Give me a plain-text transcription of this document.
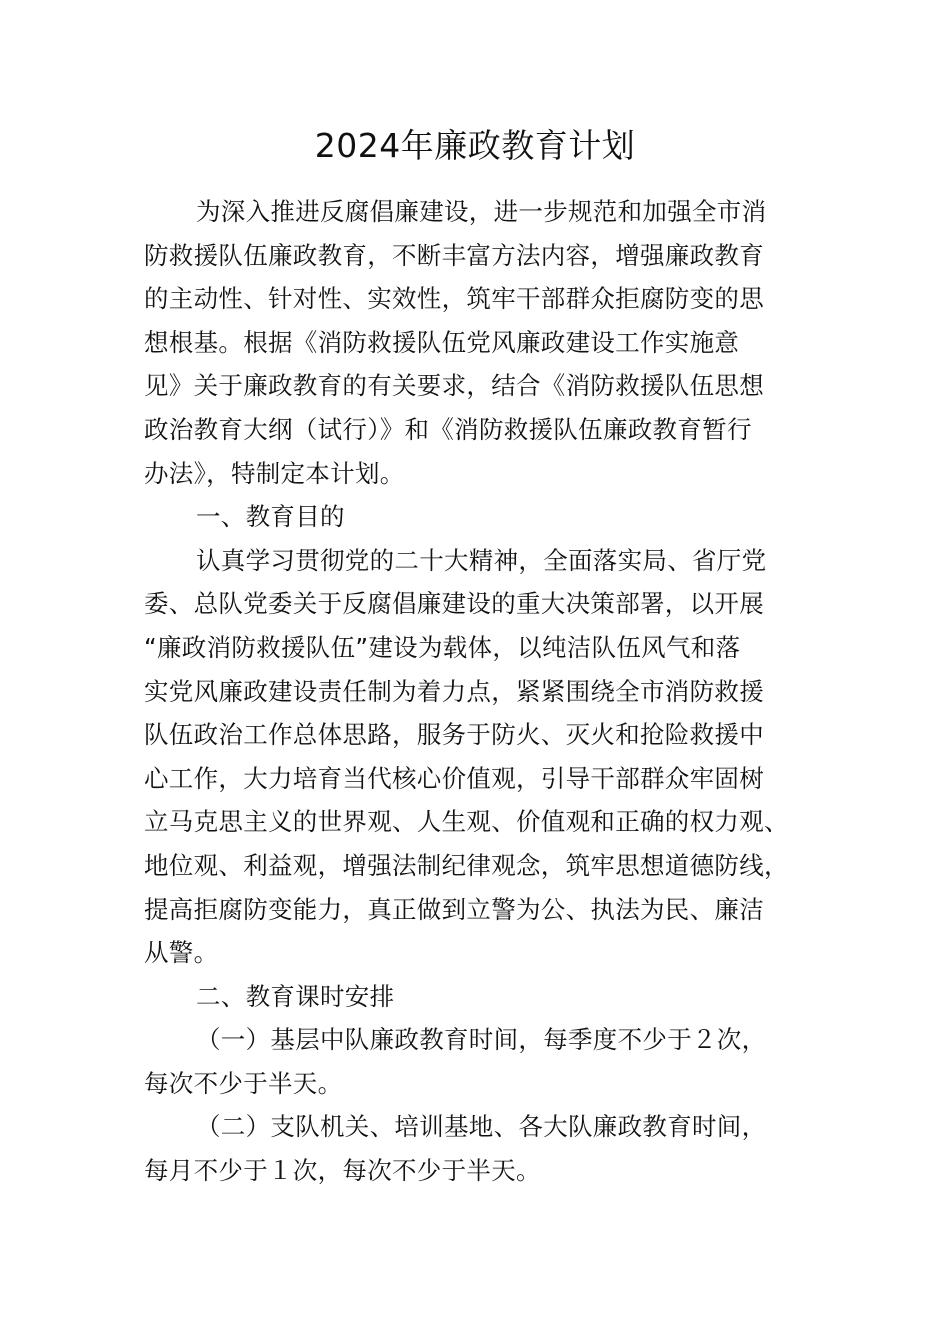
2024年廉政教育计划
为深入推进反腐倡廉建设，进一步规范和加强全市消
防救援队伍廉政教育，不断丰富方法内容，增强廉政教育
的主动性、针对性、实效性，筑牢干部群众拒腐防变的思
想根基。根据《消防救援队伍党风廉政建设工作实施意
见》关于廉政教育的有关要求，结合《消防救援队伍思想
政治教育大纲（试行）》和《消防救援队伍廉政教育暂行
办法》，特制定本计划。
一、教育目的
认真学习贯彻党的二十大精神，全面落实局、省厅党
委、总队党委关于反腐倡廉建设的重大决策部署，以开展
“廉政消防救援队伍”建设为载体，以纯洁队伍风气和落
实党风廉政建设责任制为着力点，紧紧围绕全市消防救援
队伍政治工作总体思路，服务于防火、灭火和抢险救援中
心工作，大力培育当代核心价值观，引导干部群众牢固树
立马克思主义的世界观、人生观、价值观和正确的权力观、
地位观、利益观，增强法制纪律观念，筑牢思想道德防线，
提高拒腐防变能力，真正做到立警为公、执法为民、廉洁
从警。
二、教育课时安排
（一）基层中队廉政教育时间，每季度不少于２次，
每次不少于半天。
（二）支队机关、培训基地、各大队廉政教育时间，
每月不少于１次，每次不少于半天。
